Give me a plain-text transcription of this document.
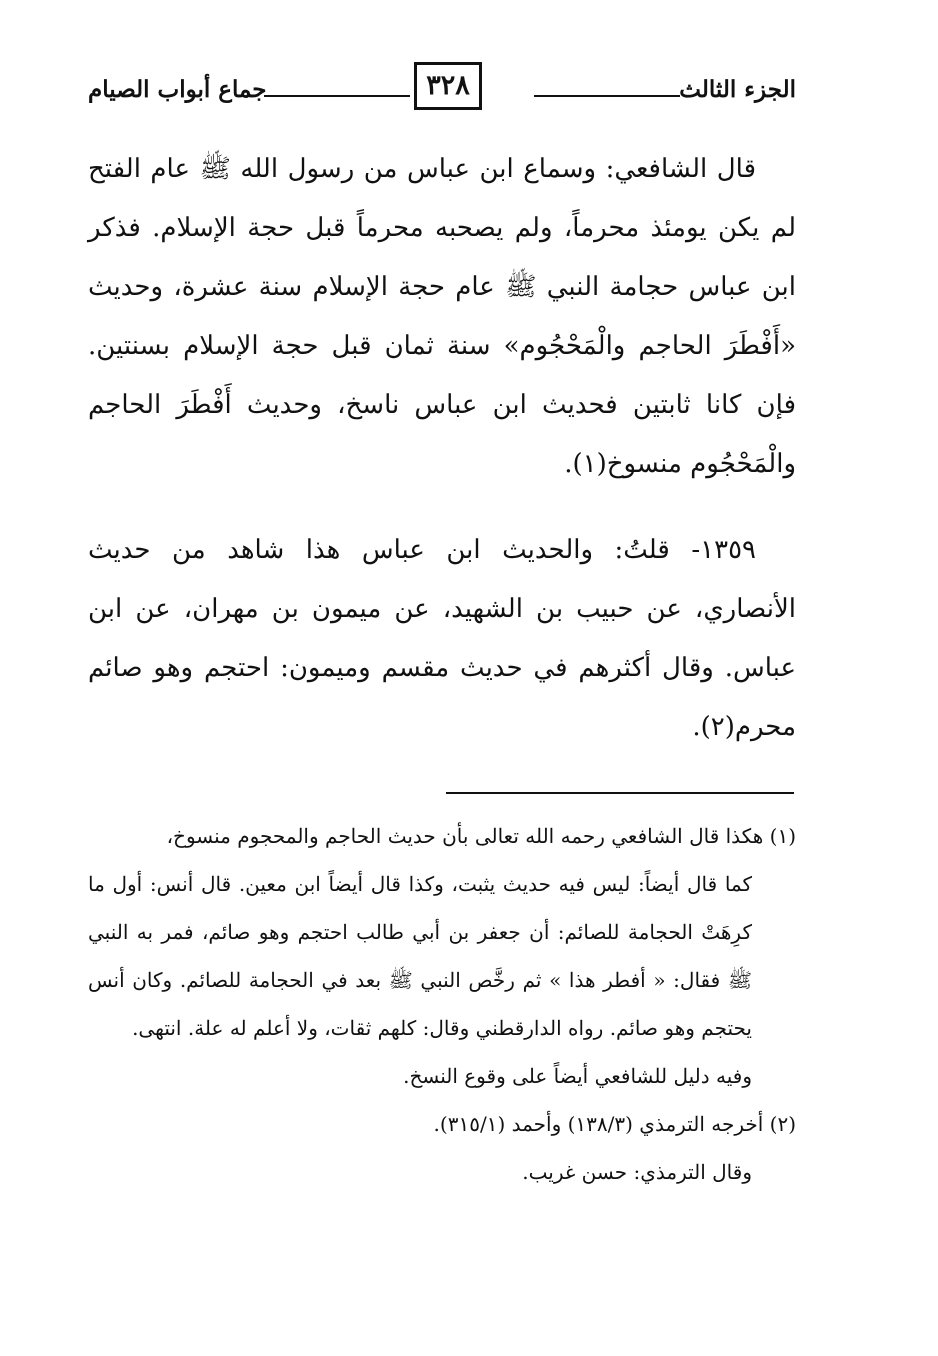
الجزء الثالث
٣٢٨
جماع أبواب الصيام

قال الشافعي: وسماع ابن عباس من رسول الله ﷺ عام الفتح لم يكن يومئذ محرماً، ولم يصحبه محرماً قبل حجة الإسلام. فذكر ابن عباس حجامة النبي ﷺ عام حجة الإسلام سنة عشرة، وحديث «أَفْطَرَ الحاجم والْمَحْجُوم» سنة ثمان قبل حجة الإسلام بسنتين. فإن كانا ثابتين فحديث ابن عباس ناسخ، وحديث أَفْطَرَ الحاجم والْمَحْجُوم منسوخ(١).

١٣٥٩- قلتُ: والحديث ابن عباس هذا شاهد من حديث الأنصاري، عن حبيب بن الشهيد، عن ميمون بن مهران، عن ابن عباس. وقال أكثرهم في حديث مقسم وميمون: احتجم وهو صائم محرم(٢).

(١) هكذا قال الشافعي رحمه الله تعالى بأن حديث الحاجم والمحجوم منسوخ،

كما قال أيضاً: ليس فيه حديث يثبت، وكذا قال أيضاً ابن معين. قال أنس: أول ما كرِهَتْ الحجامة للصائم: أن جعفر بن أبي طالب احتجم وهو صائم، فمر به النبي ﷺ فقال: « أفطر هذا » ثم رخَّص النبي ﷺ بعد في الحجامة للصائم. وكان أنس يحتجم وهو صائم. رواه الدارقطني وقال: كلهم ثقات، ولا أعلم له علة. انتهى.

وفيه دليل للشافعي أيضاً على وقوع النسخ.

(٢) أخرجه الترمذي (١٣٨/٣) وأحمد (٣١٥/١).

وقال الترمذي: حسن غريب.
